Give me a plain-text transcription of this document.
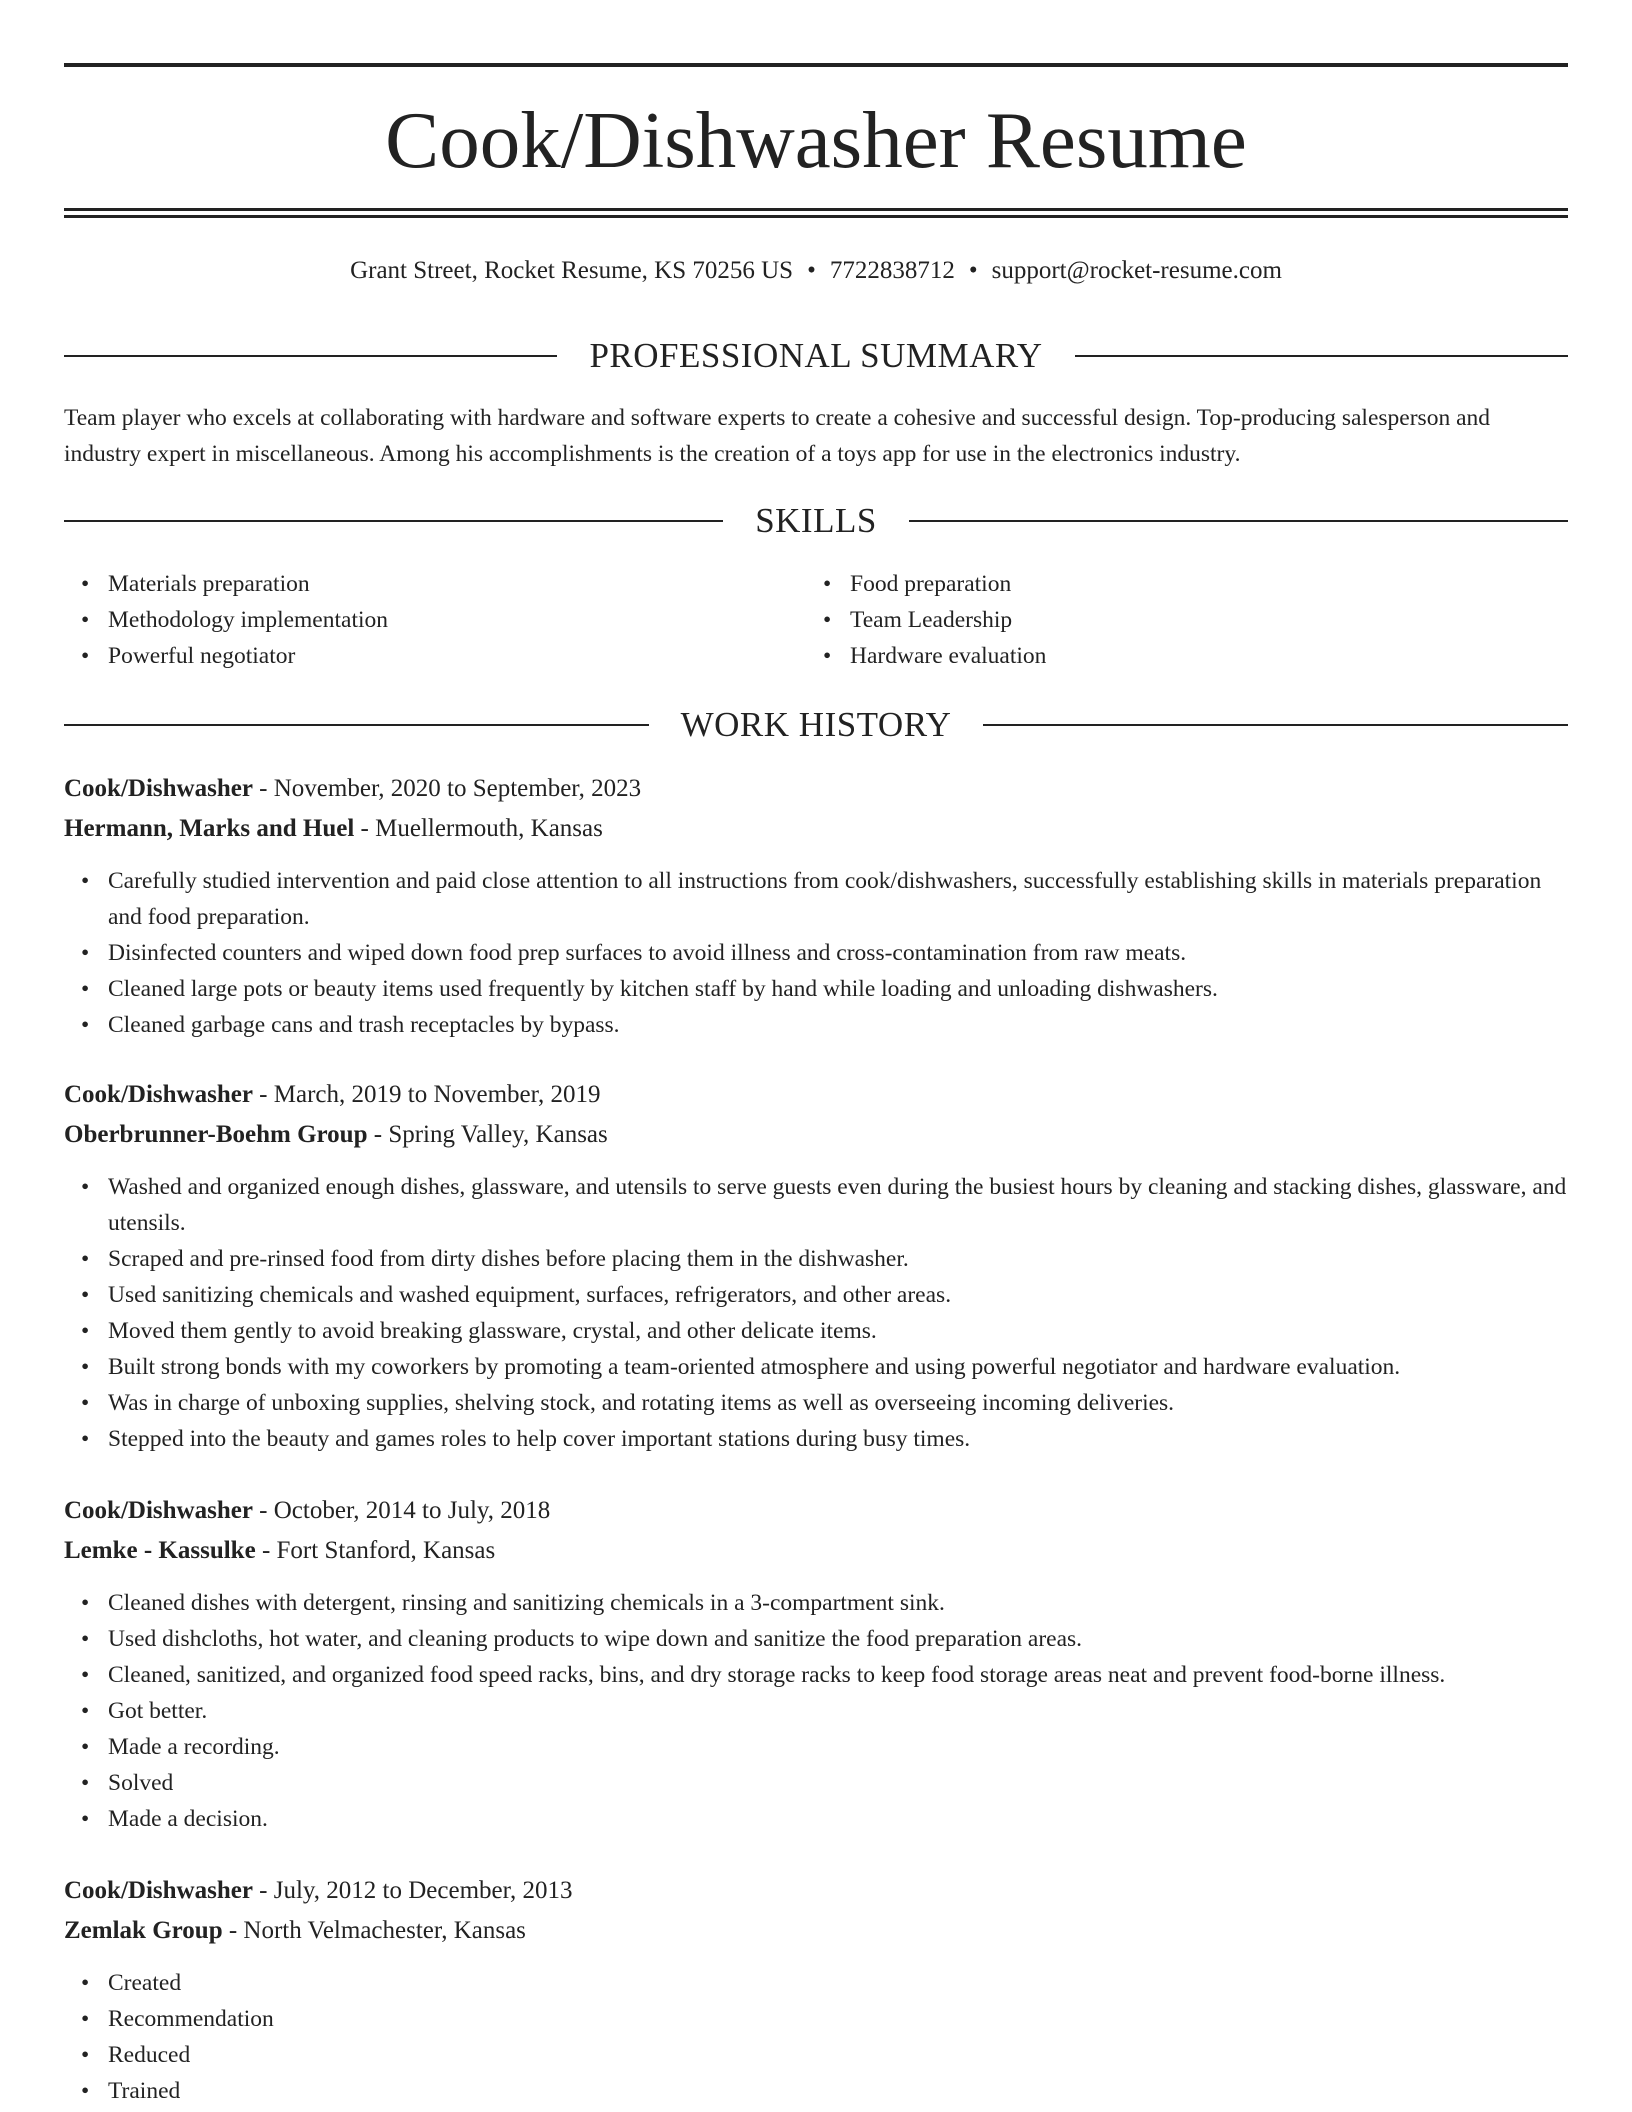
Cook/Dishwasher Resume
Grant Street, Rocket Resume, KS 70256 US • 7722838712 • support@rocket-resume.com
PROFESSIONAL SUMMARY
Team player who excels at collaborating with hardware and software experts to create a cohesive and successful design. Top-producing salesperson and industry expert in miscellaneous. Among his accomplishments is the creation of a toys app for use in the electronics industry.
SKILLS
• Materials preparation
• Methodology implementation
• Powerful negotiator
• Food preparation
• Team Leadership
• Hardware evaluation
WORK HISTORY
Cook/Dishwasher - November, 2020 to September, 2023
Hermann, Marks and Huel - Muellermouth, Kansas
• Carefully studied intervention and paid close attention to all instructions from cook/dishwashers, successfully establishing skills in materials preparation and food preparation.
• Disinfected counters and wiped down food prep surfaces to avoid illness and cross-contamination from raw meats.
• Cleaned large pots or beauty items used frequently by kitchen staff by hand while loading and unloading dishwashers.
• Cleaned garbage cans and trash receptacles by bypass.
Cook/Dishwasher - March, 2019 to November, 2019
Oberbrunner-Boehm Group - Spring Valley, Kansas
• Washed and organized enough dishes, glassware, and utensils to serve guests even during the busiest hours by cleaning and stacking dishes, glassware, and utensils.
• Scraped and pre-rinsed food from dirty dishes before placing them in the dishwasher.
• Used sanitizing chemicals and washed equipment, surfaces, refrigerators, and other areas.
• Moved them gently to avoid breaking glassware, crystal, and other delicate items.
• Built strong bonds with my coworkers by promoting a team-oriented atmosphere and using powerful negotiator and hardware evaluation.
• Was in charge of unboxing supplies, shelving stock, and rotating items as well as overseeing incoming deliveries.
• Stepped into the beauty and games roles to help cover important stations during busy times.
Cook/Dishwasher - October, 2014 to July, 2018
Lemke - Kassulke - Fort Stanford, Kansas
• Cleaned dishes with detergent, rinsing and sanitizing chemicals in a 3-compartment sink.
• Used dishcloths, hot water, and cleaning products to wipe down and sanitize the food preparation areas.
• Cleaned, sanitized, and organized food speed racks, bins, and dry storage racks to keep food storage areas neat and prevent food-borne illness.
• Got better.
• Made a recording.
• Solved
• Made a decision.
Cook/Dishwasher - July, 2012 to December, 2013
Zemlak Group - North Velmachester, Kansas
• Created
• Recommendation
• Reduced
• Trained
